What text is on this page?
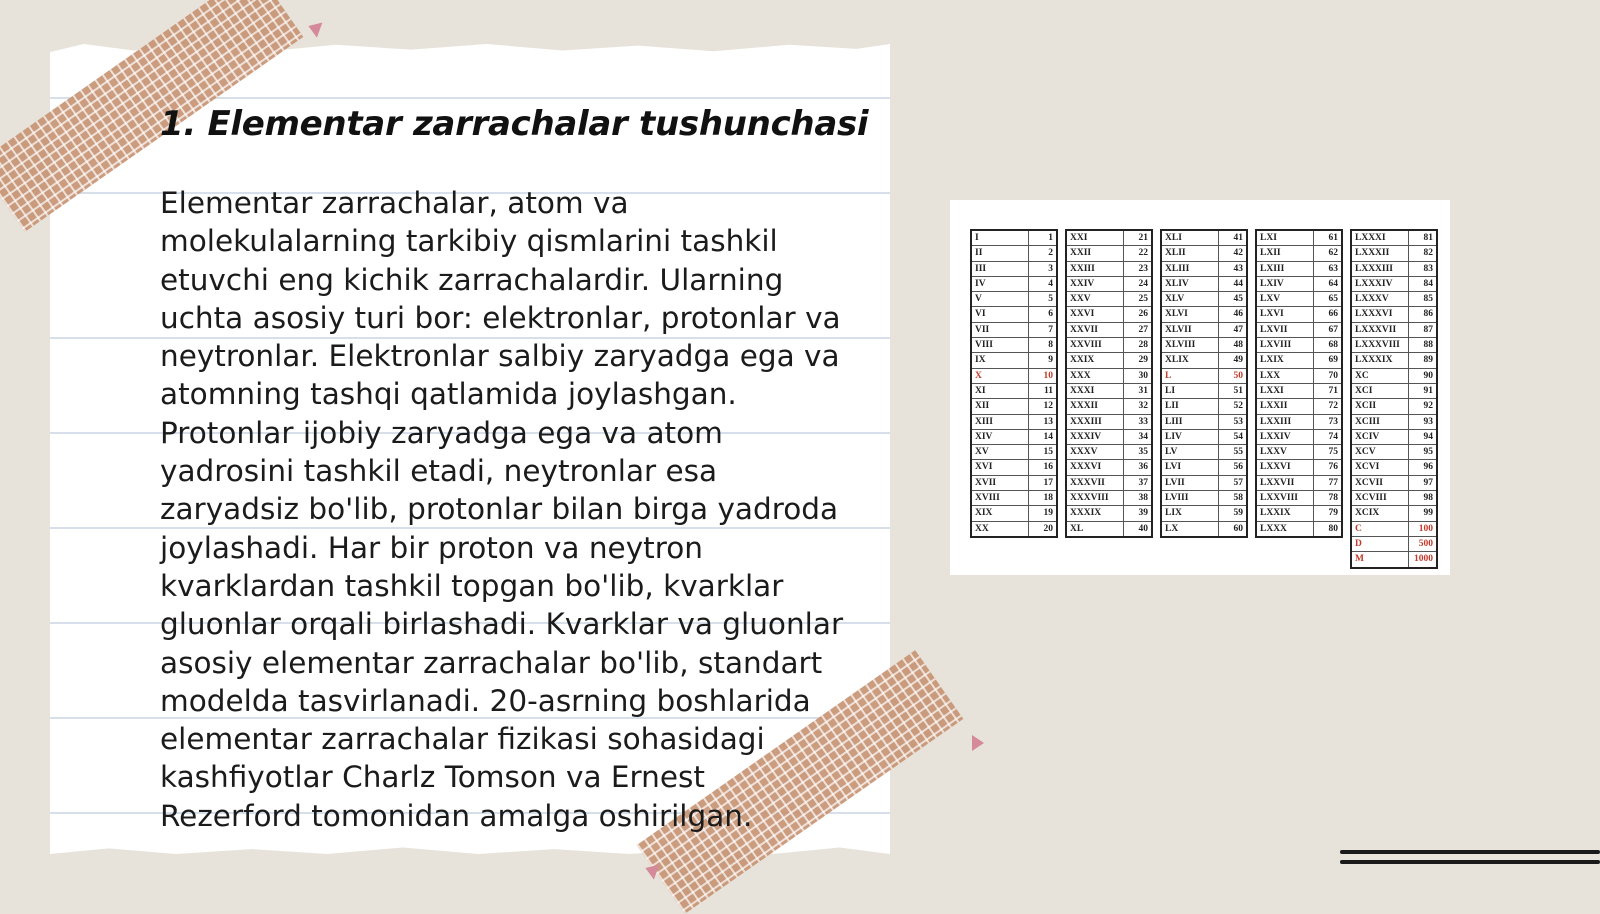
1. Elementar zarrachalar tushunchasi

Elementar zarrachalar, atom va molekulalarning tarkibiy qismlarini tashkil etuvchi eng kichik zarrachalardir. Ularning uchta asosiy turi bor: elektronlar, protonlar va neytronlar. Elektronlar salbiy zaryadga ega va atomning tashqi qatlamida joylashgan. Protonlar ijobiy zaryadga ega va atom yadrosini tashkil etadi, neytronlar esa zaryadsiz bo'lib, protonlar bilan birga yadroda joylashadi. Har bir proton va neytron kvarklardan tashkil topgan bo'lib, kvarklar gluonlar orqali birlashadi. Kvarklar va gluonlar asosiy elementar zarrachalar bo'lib, standart modelda tasvirlanadi. 20-asrning boshlarida elementar zarrachalar fizikasi sohasidagi kashfiyotlar Charlz Tomson va Ernest Rezerford tomonidan amalga oshirilgan.

I	1
II	2
III	3
IV	4
V	5
VI	6
VII	7
VIII	8
IX	9
X	10
XI	11
XII	12
XIII	13
XIV	14
XV	15
XVI	16
XVII	17
XVIII	18
XIX	19
XX	20
XXI	21
XXII	22
XXIII	23
XXIV	24
XXV	25
XXVI	26
XXVII	27
XXVIII	28
XXIX	29
XXX	30
XXXI	31
XXXII	32
XXXIII	33
XXXIV	34
XXXV	35
XXXVI	36
XXXVII	37
XXXVIII	38
XXXIX	39
XL	40
XLI	41
XLII	42
XLIII	43
XLIV	44
XLV	45
XLVI	46
XLVII	47
XLVIII	48
XLIX	49
L	50
LI	51
LII	52
LIII	53
LIV	54
LV	55
LVI	56
LVII	57
LVIII	58
LIX	59
LX	60
LXI	61
LXII	62
LXIII	63
LXIV	64
LXV	65
LXVI	66
LXVII	67
LXVIII	68
LXIX	69
LXX	70
LXXI	71
LXXII	72
LXXIII	73
LXXIV	74
LXXV	75
LXXVI	76
LXXVII	77
LXXVIII	78
LXXIX	79
LXXX	80
LXXXI	81
LXXXII	82
LXXXIII	83
LXXXIV	84
LXXXV	85
LXXXVI	86
LXXXVII	87
LXXXVIII	88
LXXXIX	89
XC	90
XCI	91
XCII	92
XCIII	93
XCIV	94
XCV	95
XCVI	96
XCVII	97
XCVIII	98
XCIX	99
C	100
D	500
M	1000
